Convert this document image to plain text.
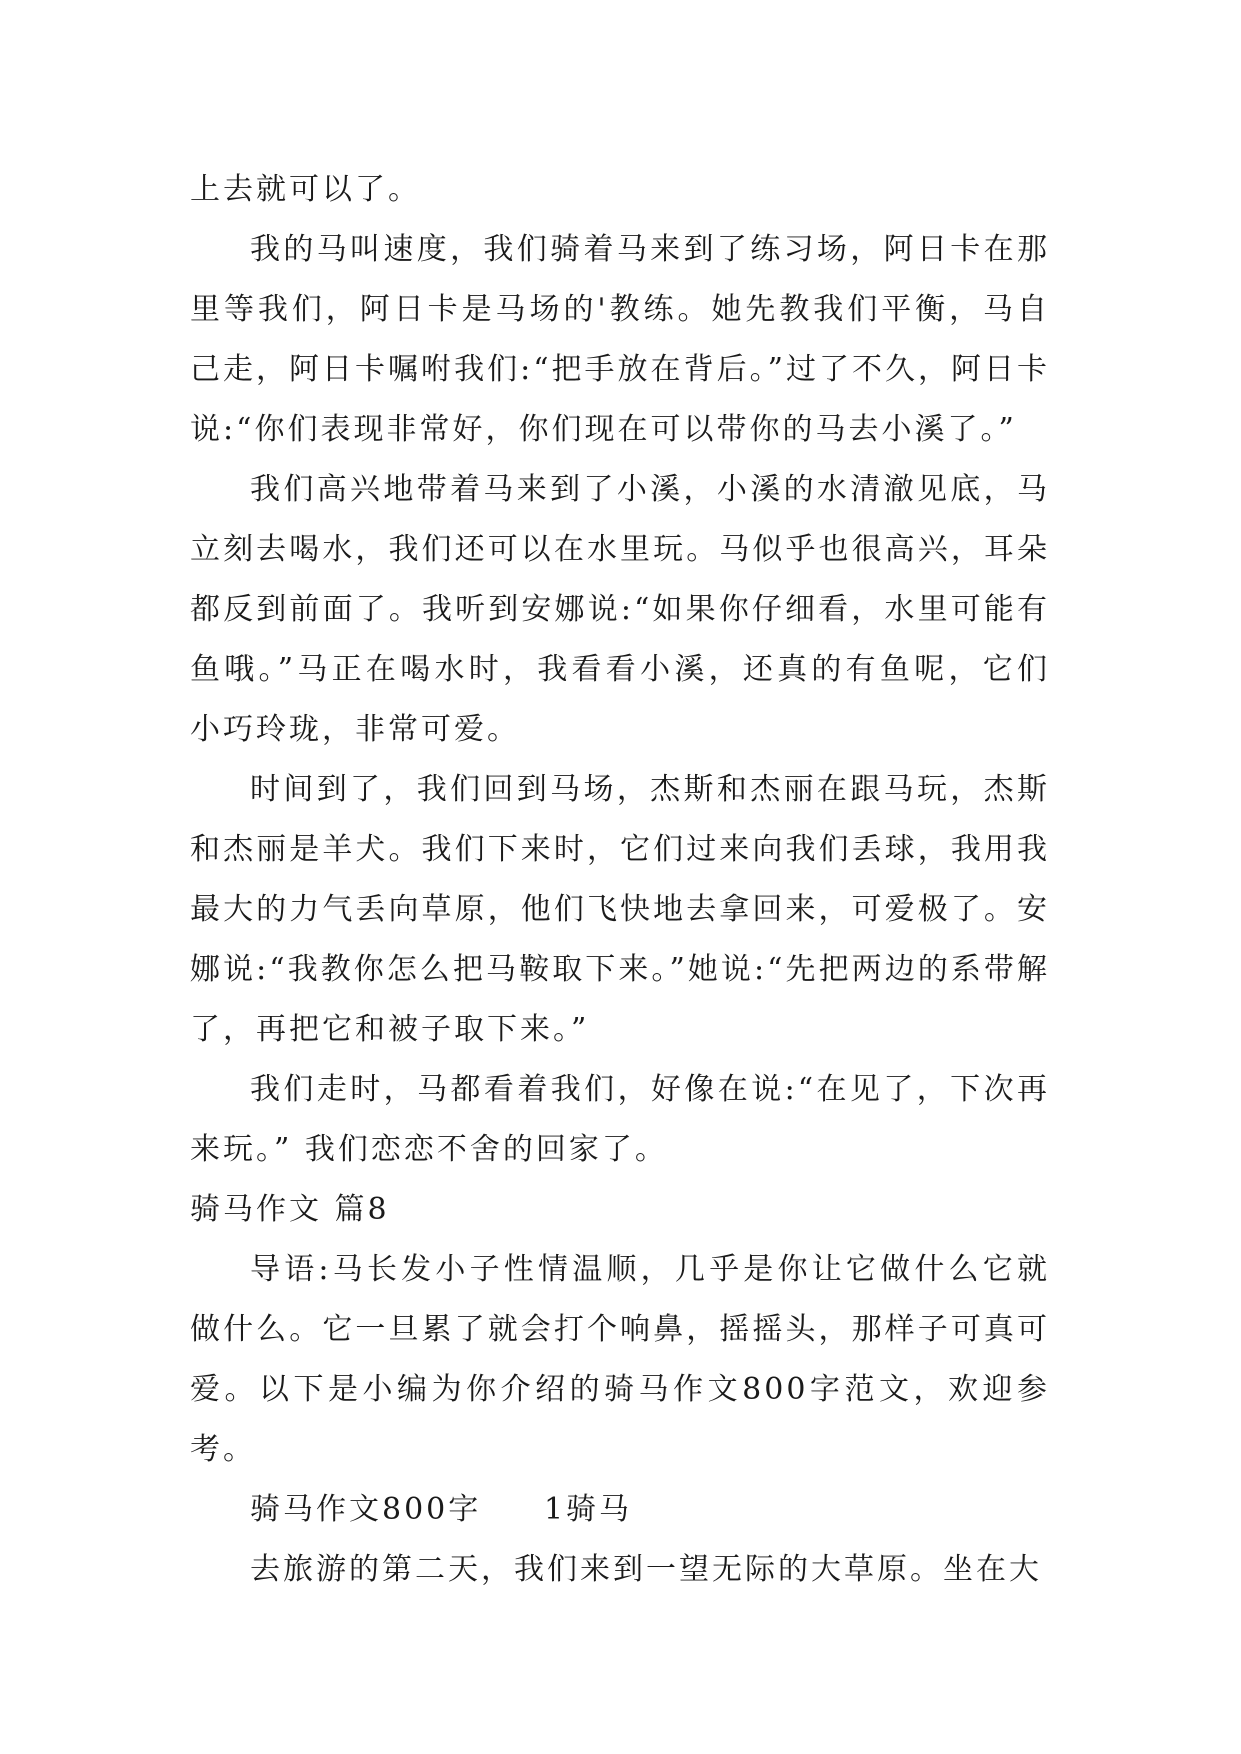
上去就可以了。

我的马叫速度，我们骑着马来到了练习场，阿日卡在那里等我们，阿日卡是马场的'教练。她先教我们平衡，马自己走，阿日卡嘱咐我们:“把手放在背后。”过了不久，阿日卡说:“你们表现非常好，你们现在可以带你的马去小溪了。”

我们高兴地带着马来到了小溪，小溪的水清澈见底，马立刻去喝水，我们还可以在水里玩。马似乎也很高兴，耳朵都反到前面了。我听到安娜说:“如果你仔细看，水里可能有鱼哦。”马正在喝水时，我看看小溪，还真的有鱼呢，它们小巧玲珑，非常可爱。

时间到了，我们回到马场，杰斯和杰丽在跟马玩，杰斯和杰丽是羊犬。我们下来时，它们过来向我们丢球，我用我最大的力气丢向草原，他们飞快地去拿回来，可爱极了。安娜说:“我教你怎么把马鞍取下来。”她说:“先把两边的系带解了，再把它和被子取下来。”

我们走时，马都看着我们，好像在说:“在见了，下次再来玩。” 我们恋恋不舍的回家了。

骑马作文 篇8

导语:马长发小子性情温顺，几乎是你让它做什么它就做什么。它一旦累了就会打个响鼻，摇摇头，那样子可真可爱。以下是小编为你介绍的骑马作文800字范文，欢迎参考。

骑马作文800字     1骑马

去旅游的第二天，我们来到一望无际的大草原。坐在大
